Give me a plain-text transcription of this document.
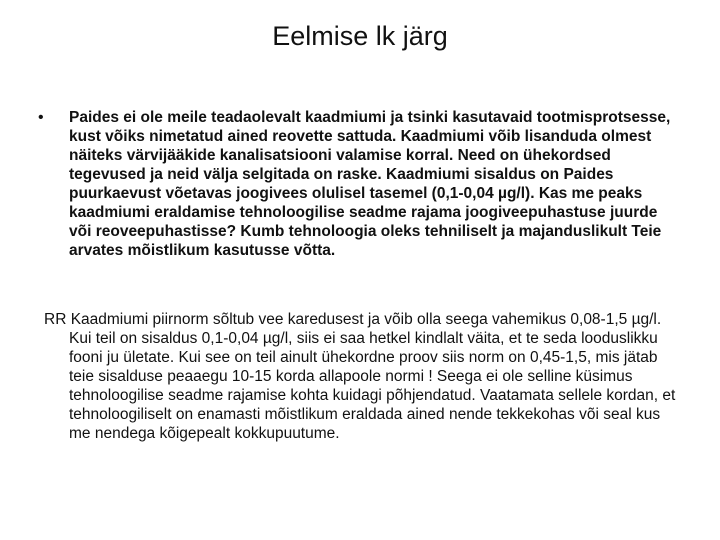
Eelmise lk järg
• Paides ei ole meile teadaolevalt kaadmiumi ja tsinki kasutavaid tootmisprotsesse, kust võiks nimetatud ained reovette sattuda. Kaadmiumi võib lisanduda olmest näiteks värvijääkide kanalisatsiooni valamise korral. Need on ühekordsed tegevused ja neid välja selgitada on raske. Kaadmiumi sisaldus on Paides puurkaevust võetavas joogivees olulisel tasemel (0,1-0,04 µg/l). Kas me peaks kaadmiumi eraldamise tehnoloogilise seadme rajama joogiveepuhastuse juurde või reoveepuhastisse? Kumb tehnoloogia oleks tehniliselt ja majanduslikult Teie arvates mõistlikum kasutusse võtta.

RR Kaadmiumi piirnorm sõltub vee karedusest ja võib olla seega vahemikus 0,08-1,5 µg/l. Kui teil on sisaldus 0,1-0,04 µg/l, siis ei saa hetkel kindlalt väita, et te seda looduslikku fooni ju ületate. Kui see on teil ainult ühekordne proov siis norm on 0,45-1,5, mis jätab teie sisalduse peaaegu 10-15 korda allapoole normi ! Seega ei ole selline küsimus tehnoloogilise seadme rajamise kohta kuidagi põhjendatud. Vaatamata sellele kordan, et tehnoloogiliselt on enamasti mõistlikum eraldada ained nende tekkekohas või seal kus me nendega kõigepealt kokkupuutume.
